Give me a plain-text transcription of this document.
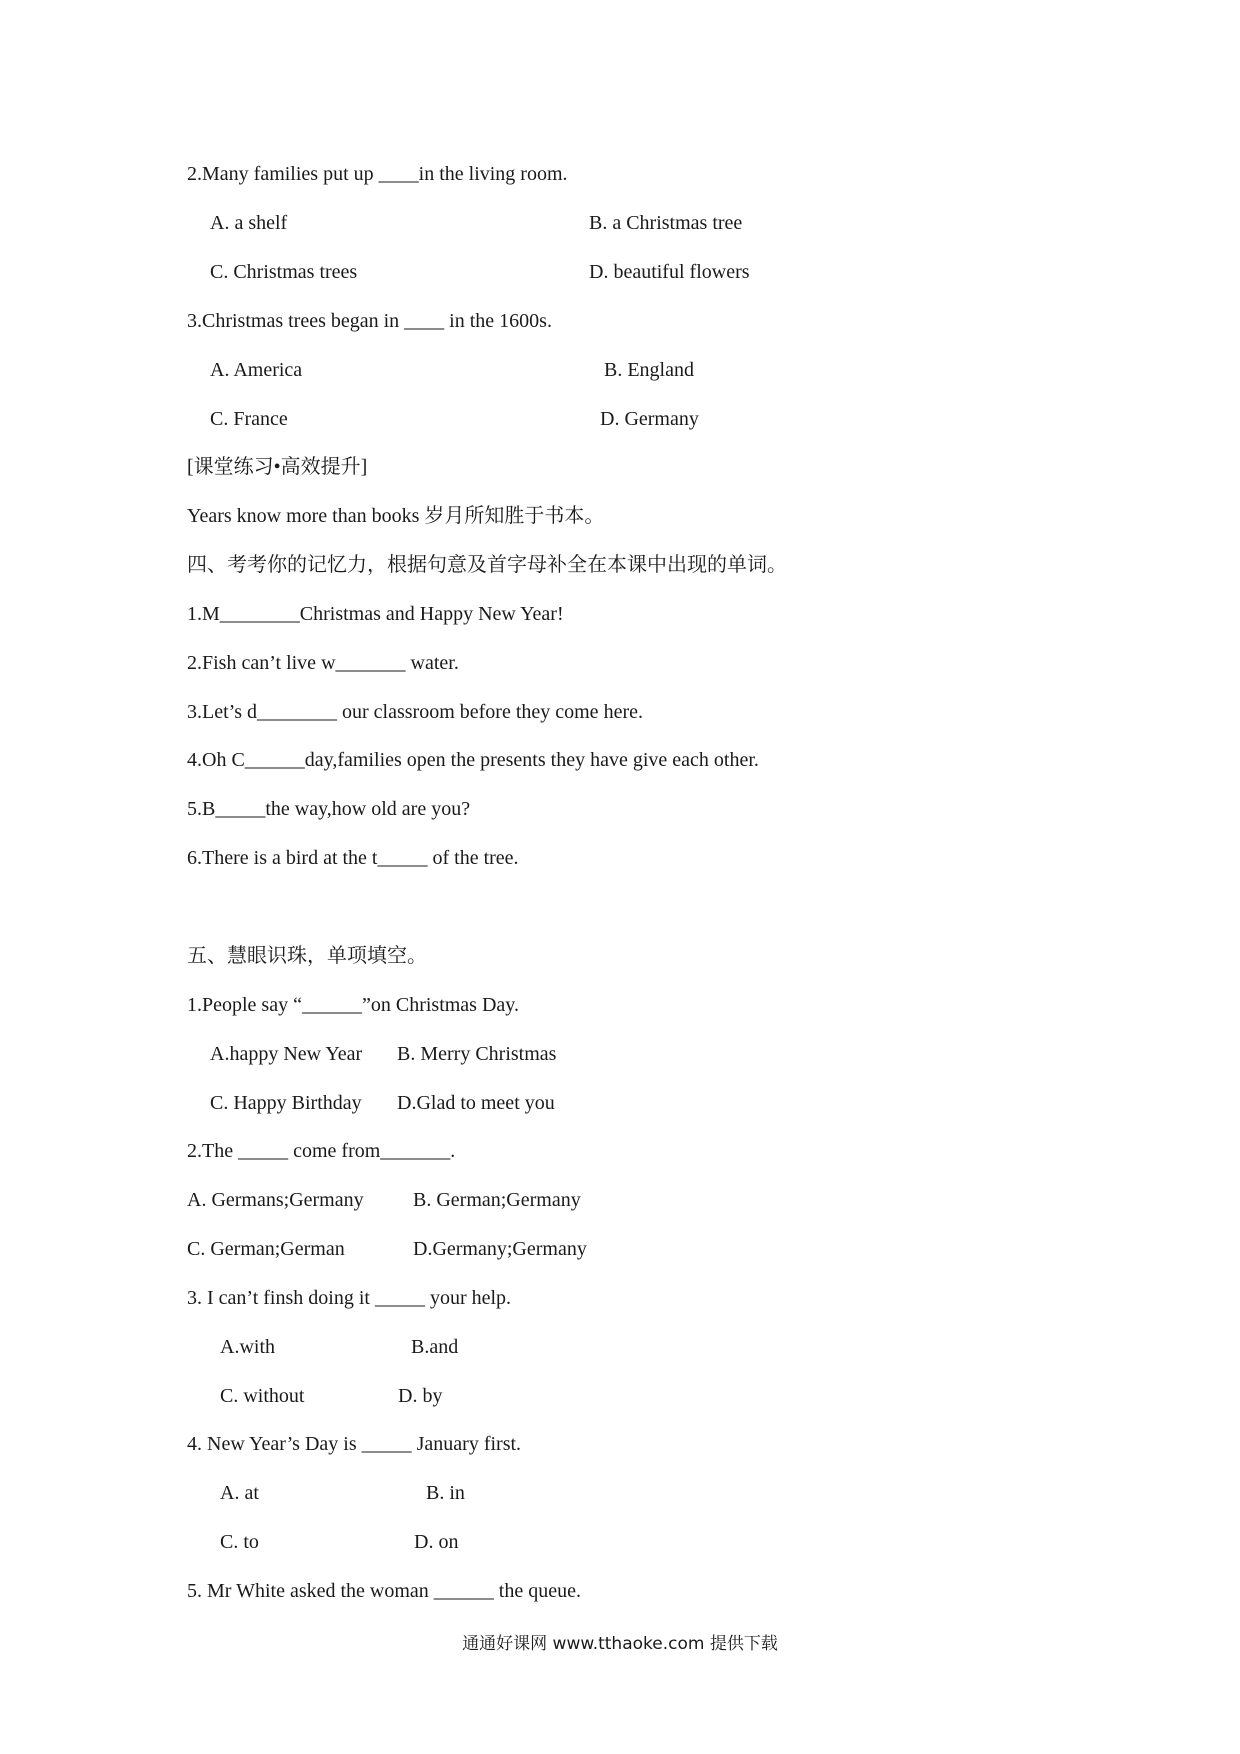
2.Many families put up ____in the living room.
A. a shelf	B. a Christmas tree
C. Christmas trees	D. beautiful flowers
3.Christmas trees began in ____ in the 1600s.
A. America	B. England
C. France	D. Germany
[课堂练习•高效提升]
Years know more than books 岁月所知胜于书本。
四、考考你的记忆力，根据句意及首字母补全在本课中出现的单词。
1.M________Christmas and Happy New Year!
2.Fish can’t live w_______ water.
3.Let’s d________ our classroom before they come here.
4.Oh C______day,families open the presents they have give each other.
5.B_____the way,how old are you?
6.There is a bird at the t_____ of the tree.
五、慧眼识珠，单项填空。
1.People say “______”on Christmas Day.
A.happy New Year B. Merry Christmas
C. Happy Birthday D.Glad to meet you
2.The _____ come from_______.
A. Germans;Germany B. German;Germany
C. German;German	D.Germany;Germany
3. I can’t finsh doing it _____ your help.
A.with	B.and
C. without	D. by
4. New Year’s Day is _____ January first.
A. at	B. in
C. to	D. on
5. Mr White asked the woman ______ the queue.
通通好课网 www.tthaoke.com 提供下载
